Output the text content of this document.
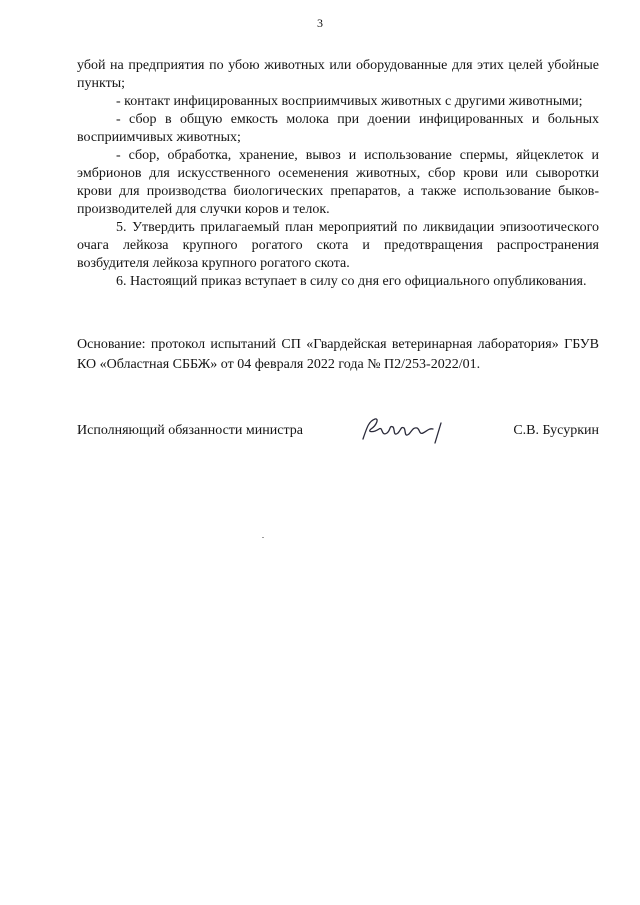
3

убой на предприятия по убою животных или оборудованные для этих целей убойные пункты;

- контакт инфицированных восприимчивых животных с другими животными;

- сбор в общую емкость молока при доении инфицированных и больных восприимчивых животных;

- сбор, обработка, хранение, вывоз и использование спермы, яйцеклеток и эмбрионов для искусственного осеменения животных, сбор крови или сыворотки крови для производства биологических препаратов, а также использование быков-производителей для случки коров и телок.

5. Утвердить прилагаемый план мероприятий по ликвидации эпизоотического очага лейкоза крупного рогатого скота и предотвращения распространения возбудителя лейкоза крупного рогатого скота.

6. Настоящий приказ вступает в силу со дня его официального опубликования.

Основание: протокол испытаний СП «Гвардейская ветеринарная лаборатория» ГБУВ КО «Областная СББЖ» от 04 февраля 2022 года № П2/253-2022/01.

Исполняющий обязанности министра	С.В. Бусуркин
